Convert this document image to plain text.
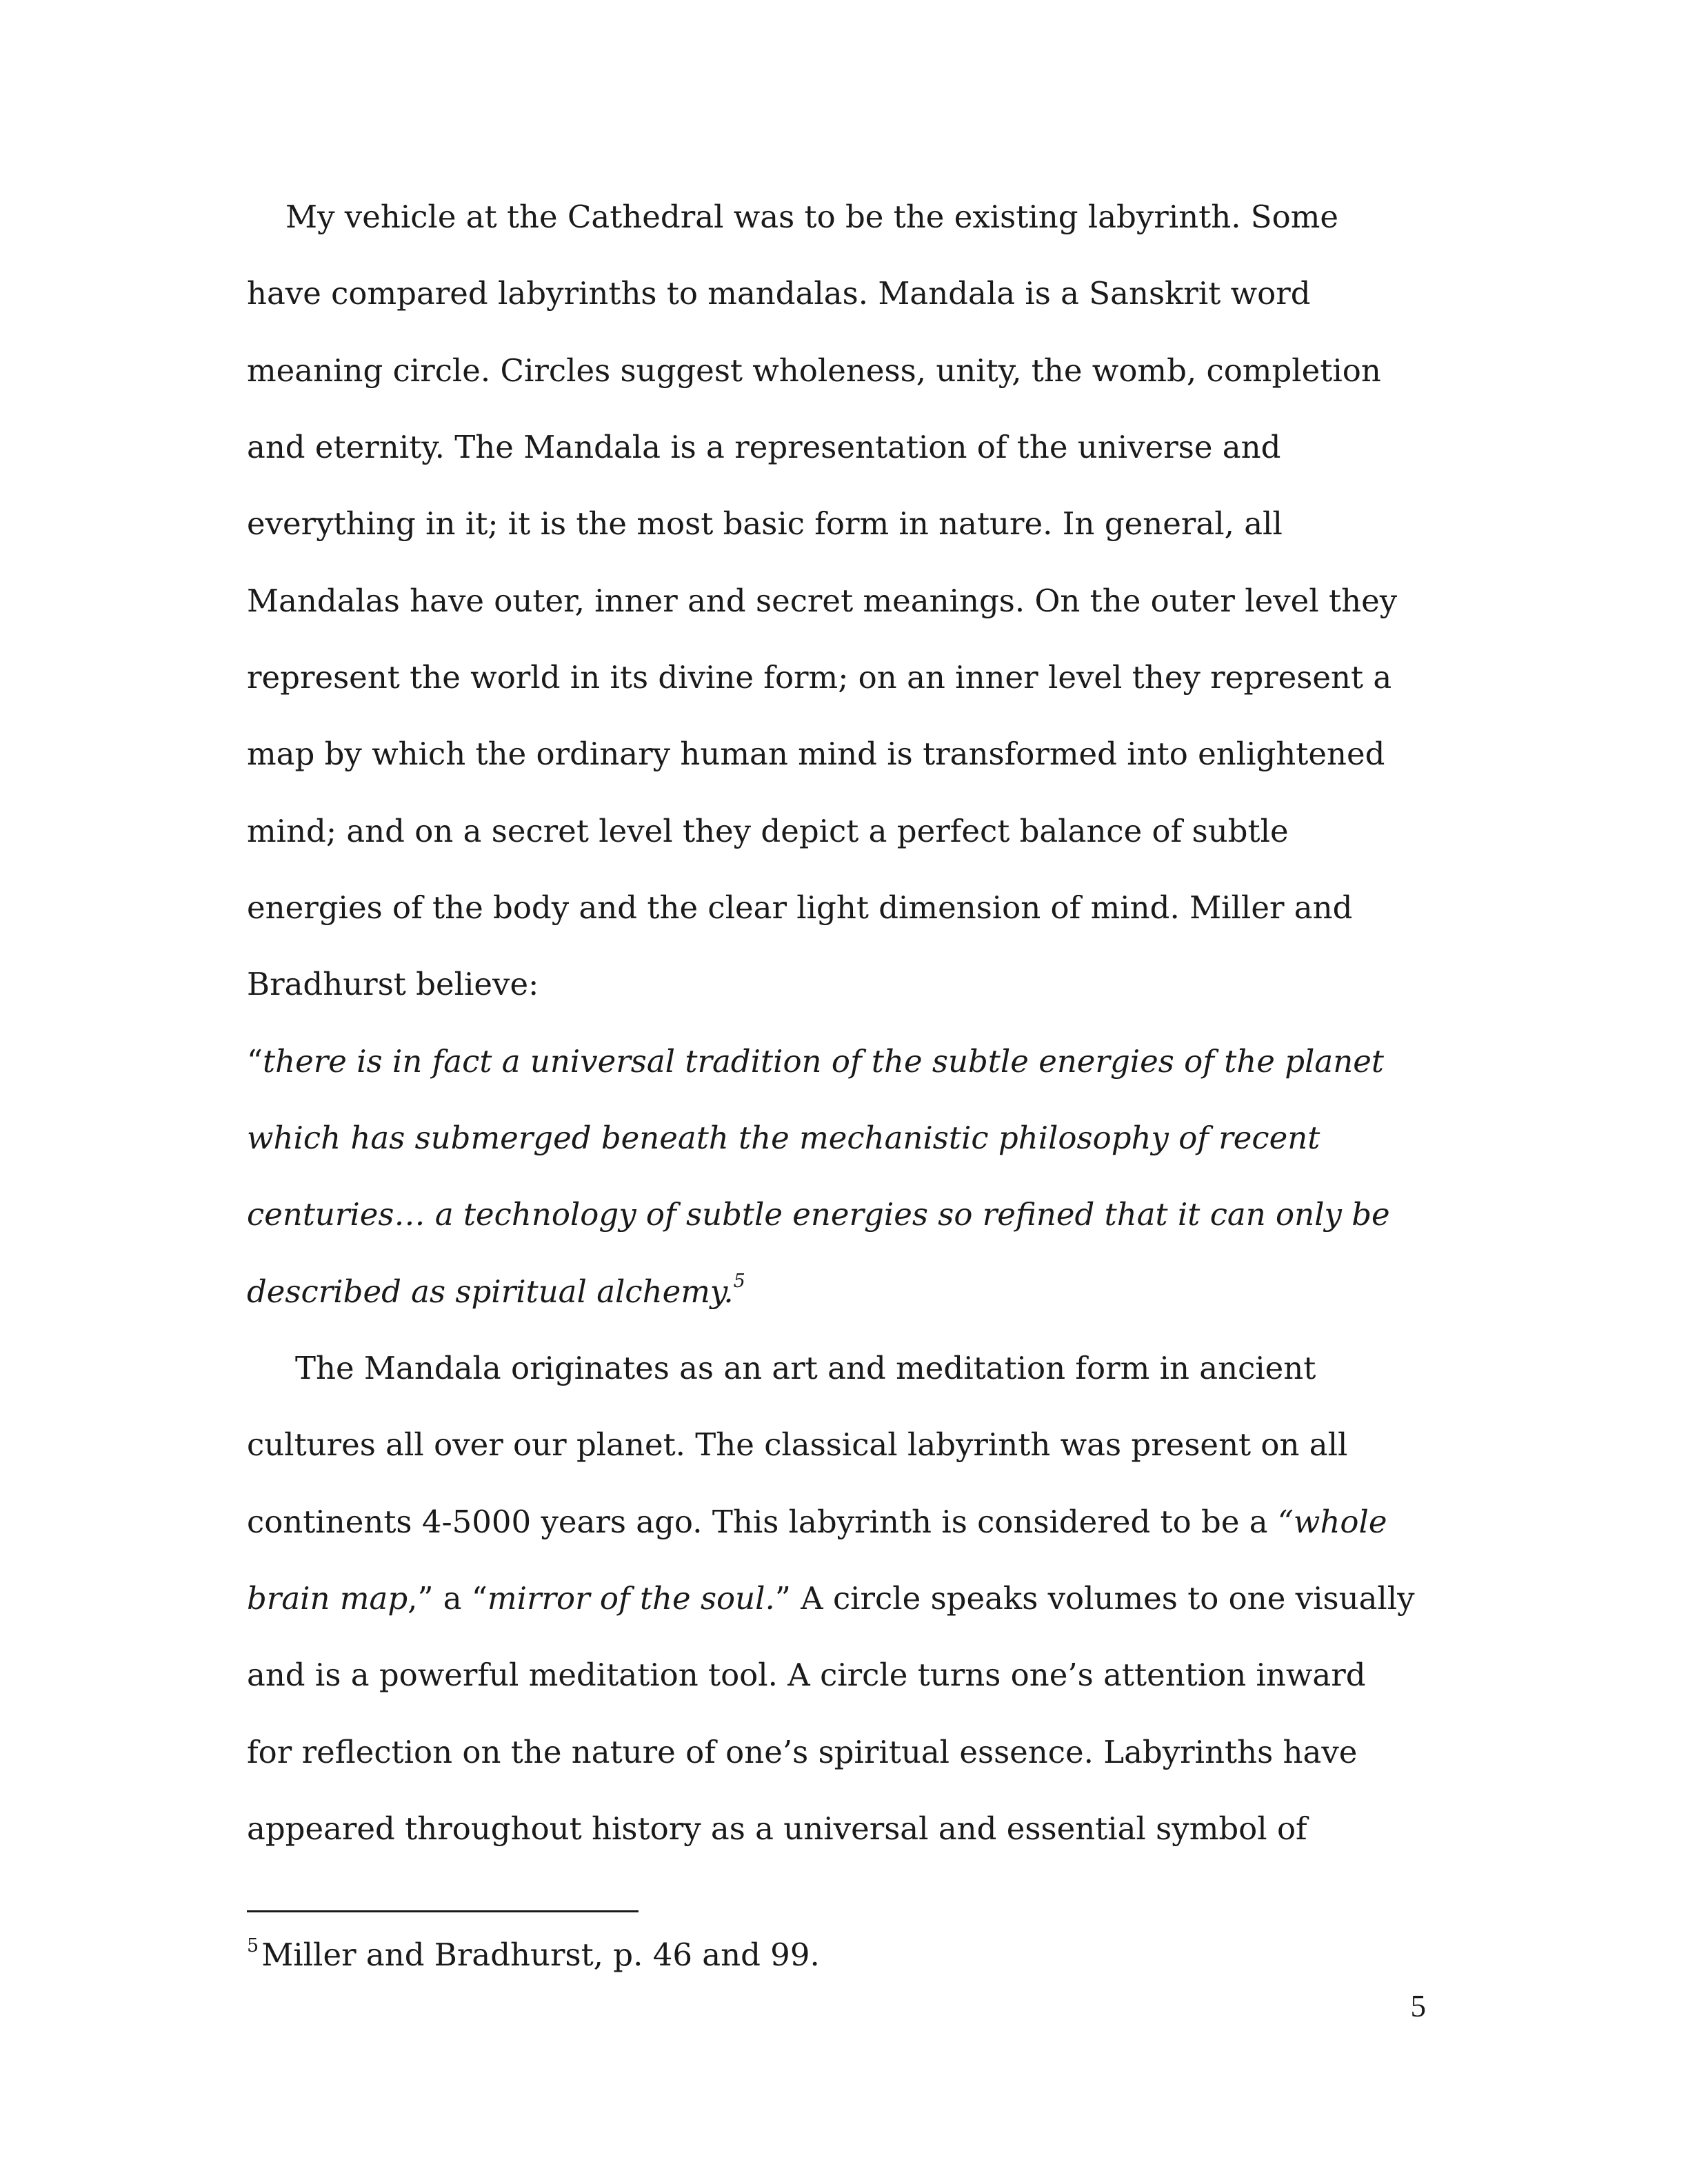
My vehicle at the Cathedral was to be the existing labyrinth. Some
have compared labyrinths to mandalas. Mandala is a Sanskrit word
meaning circle. Circles suggest wholeness, unity, the womb, completion
and eternity. The Mandala is a representation of the universe and
everything in it; it is the most basic form in nature. In general, all
Mandalas have outer, inner and secret meanings. On the outer level they
represent the world in its divine form; on an inner level they represent a
map by which the ordinary human mind is transformed into enlightened
mind; and on a secret level they depict a perfect balance of subtle
energies of the body and the clear light dimension of mind. Miller and
Bradhurst believe:
“there is in fact a universal tradition of the subtle energies of the planet
which has submerged beneath the mechanistic philosophy of recent
centuries… a technology of subtle energies so refined that it can only be
described as spiritual alchemy.$^5$
The Mandala originates as an art and meditation form in ancient
cultures all over our planet. The classical labyrinth was present on all
continents 4-5000 years ago. This labyrinth is considered to be a “whole
brain map,” a “mirror of the soul.” A circle speaks volumes to one visually
and is a powerful meditation tool. A circle turns one’s attention inward
for reflection on the nature of one’s spiritual essence. Labyrinths have
appeared throughout history as a universal and essential symbol of
$^5$Miller and Bradhurst, p. 46 and 99.
5
